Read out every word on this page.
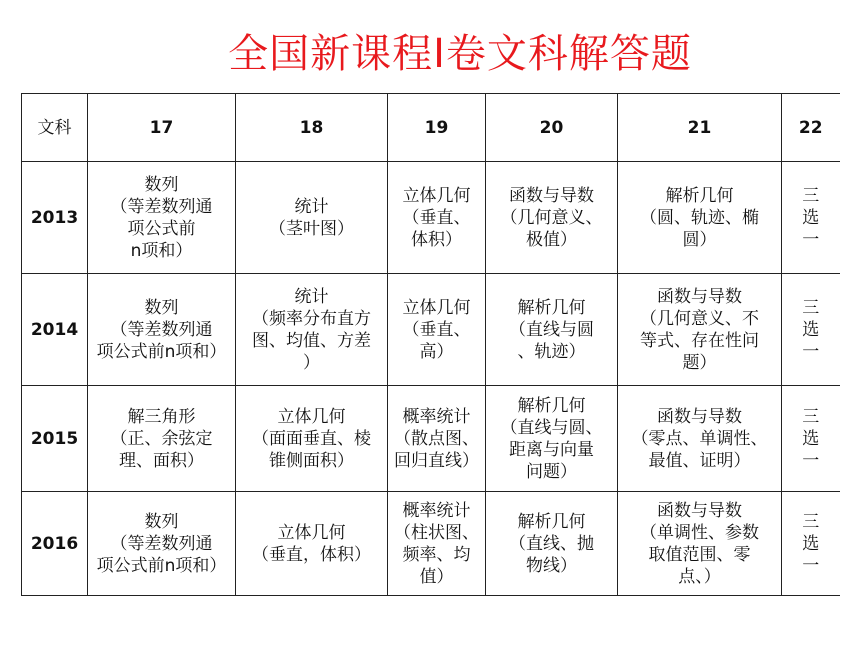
全国新课程Ⅰ卷文科解答题
文科	17	18	19	20	21	22
2013	数列
（等差数列通
项公式前
n项和）	统计
（茎叶图）	立体几何
（垂直、
体积）	函数与导数
（几何意义、
极值）	解析几何
（圆、轨迹、椭
圆）	三
选
一

2014	数列
（等差数列通
项公式前n项和）	统计
（频率分布直方
图、均值、方差
）	立体几何
（垂直、
高）	解析几何
（直线与圆
、轨迹）	函数与导数
（几何意义、不
等式、存在性问
题）	三
选
一

2015	解三角形
（正、余弦定
理、面积）	立体几何
（面面垂直、棱
锥侧面积）	概率统计
（散点图、
回归直线）	解析几何
（直线与圆、
距离与向量
问题）	函数与导数
（零点、单调性、
最值、证明）	三
选
一

2016	数列
（等差数列通
项公式前n项和）	立体几何
（垂直，体积）	概率统计
（柱状图、
频率、均
值）	解析几何
（直线、抛
物线）	函数与导数
（单调性、参数
取值范围、零
点、）	三
选
一
